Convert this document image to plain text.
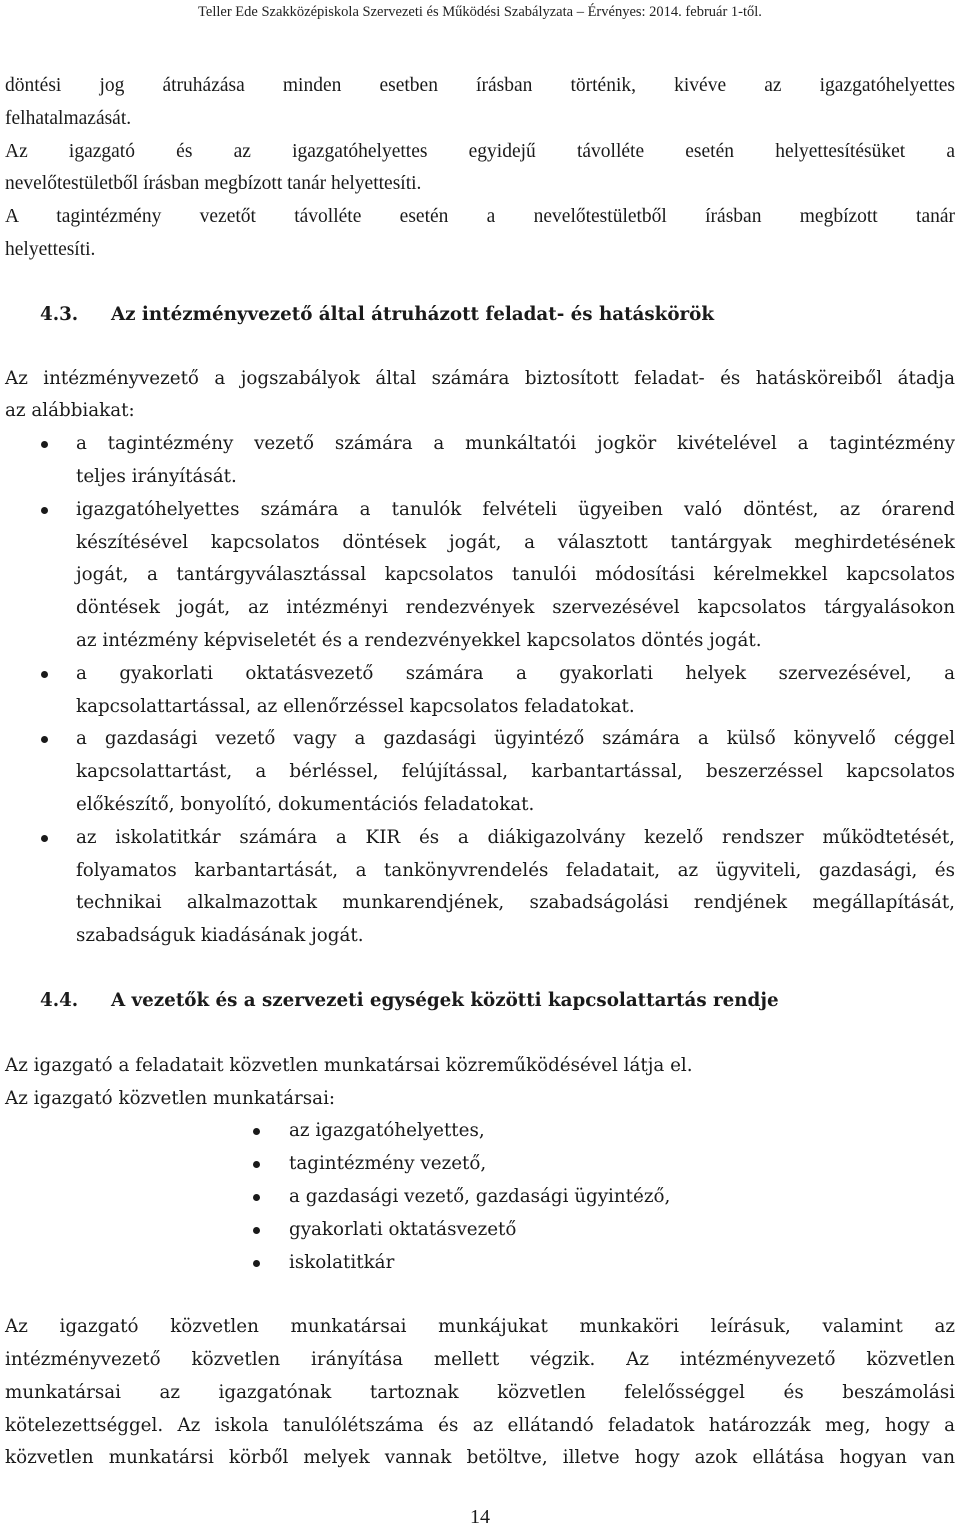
Teller Ede Szakközépiskola Szervezeti és Működési Szabályzata – Érvényes: 2014. február 1-től.

döntési jog átruházása minden esetben írásban történik, kivéve az igazgatóhelyettes

felhatalmazását.

Az igazgató és az igazgatóhelyettes egyidejű távolléte esetén helyettesítésüket a

nevelőtestületből írásban megbízott tanár helyettesíti.

A tagintézmény vezetőt távolléte esetén a nevelőtestületből írásban megbízott tanár

helyettesíti.

4.3.	Az intézményvezető által átruházott feladat- és hatáskörök

Az intézményvezető a jogszabályok által számára biztosított feladat- és hatásköreiből átadja

az alábbiakat:

a tagintézmény vezető számára a munkáltatói jogkör kivételével a tagintézmény

teljes irányítását.

igazgatóhelyettes számára a tanulók felvételi ügyeiben való döntést, az órarend

készítésével kapcsolatos döntések jogát, a választott tantárgyak meghirdetésének

jogát, a tantárgyválasztással kapcsolatos tanulói módosítási kérelmekkel kapcsolatos

döntések jogát, az intézményi rendezvények szervezésével kapcsolatos tárgyalásokon

az intézmény képviseletét és a rendezvényekkel kapcsolatos döntés jogát.

a gyakorlati oktatásvezető számára a gyakorlati helyek szervezésével, a

kapcsolattartással, az ellenőrzéssel kapcsolatos feladatokat.

a gazdasági vezető vagy a gazdasági ügyintéző számára a külső könyvelő céggel

kapcsolattartást, a bérléssel, felújítással, karbantartással, beszerzéssel kapcsolatos

előkészítő, bonyolító, dokumentációs feladatokat.

az iskolatitkár számára a KIR és a diákigazolvány kezelő rendszer működtetését,

folyamatos karbantartását, a tankönyvrendelés feladatait, az ügyviteli, gazdasági, és

technikai alkalmazottak munkarendjének, szabadságolási rendjének megállapítását,

szabadságuk kiadásának jogát.

4.4.	A vezetők és a szervezeti egységek közötti kapcsolattartás rendje

Az igazgató a feladatait közvetlen munkatársai közreműködésével látja el.

Az igazgató közvetlen munkatársai:

az igazgatóhelyettes,
tagintézmény vezető,
a gazdasági vezető, gazdasági ügyintéző,
gyakorlati oktatásvezető
iskolatitkár

Az igazgató közvetlen munkatársai munkájukat munkaköri leírásuk, valamint az

intézményvezető közvetlen irányítása mellett végzik. Az intézményvezető közvetlen

munkatársai az igazgatónak tartoznak közvetlen felelősséggel és beszámolási

kötelezettséggel. Az iskola tanulólétszáma és az ellátandó feladatok határozzák meg, hogy a

közvetlen munkatársi körből melyek vannak betöltve, illetve hogy azok ellátása hogyan van

14
